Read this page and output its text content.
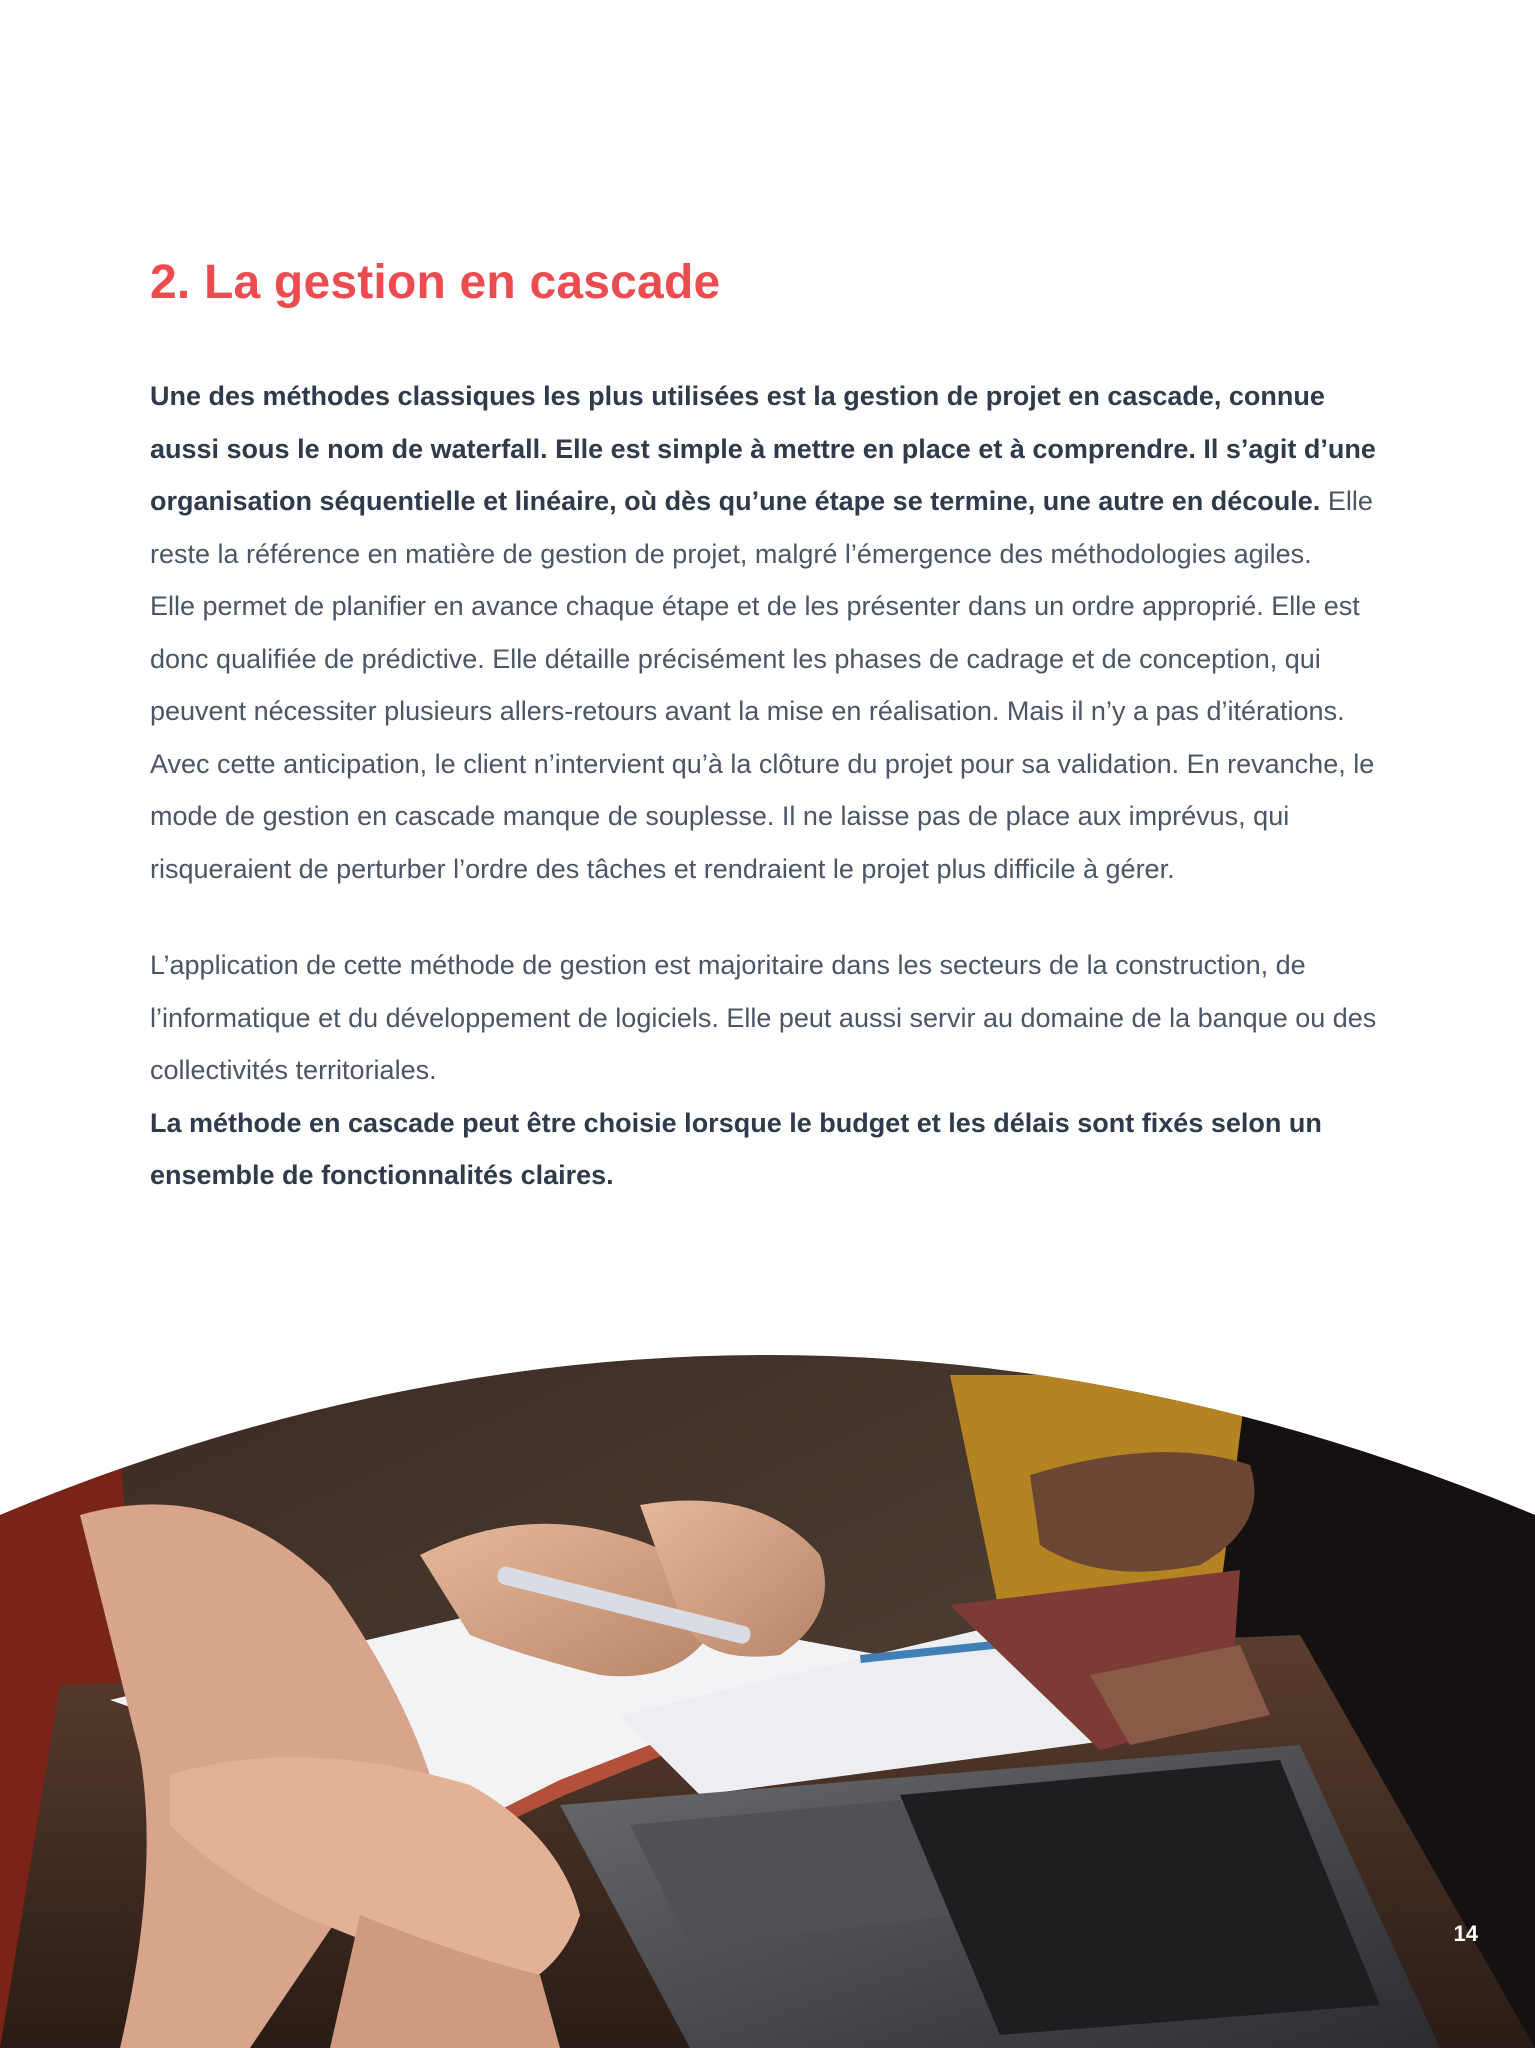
2. La gestion en cascade

Une des méthodes classiques les plus utilisées est la gestion de projet en cascade, connue aussi sous le nom de waterfall. Elle est simple à mettre en place et à comprendre. Il s’agit d’une organisation séquentielle et linéaire, où dès qu’une étape se termine, une autre en découle. Elle reste la référence en matière de gestion de projet, malgré l’émergence des méthodologies agiles.

Elle permet de planifier en avance chaque étape et de les présenter dans un ordre approprié. Elle est donc qualifiée de prédictive. Elle détaille précisément les phases de cadrage et de conception, qui peuvent nécessiter plusieurs allers-retours avant la mise en réalisation. Mais il n’y a pas d’itérations. Avec cette anticipation, le client n’intervient qu’à la clôture du projet pour sa validation. En revanche, le mode de gestion en cascade manque de souplesse. Il ne laisse pas de place aux imprévus, qui risqueraient de perturber l’ordre des tâches et rendraient le projet plus difficile à gérer.

L’application de cette méthode de gestion est majoritaire dans les secteurs de la construction, de l’informatique et du développement de logiciels. Elle peut aussi servir au domaine de la banque ou des collectivités territoriales.

La méthode en cascade peut être choisie lorsque le budget et les délais sont fixés selon un ensemble de fonctionnalités claires.

14
